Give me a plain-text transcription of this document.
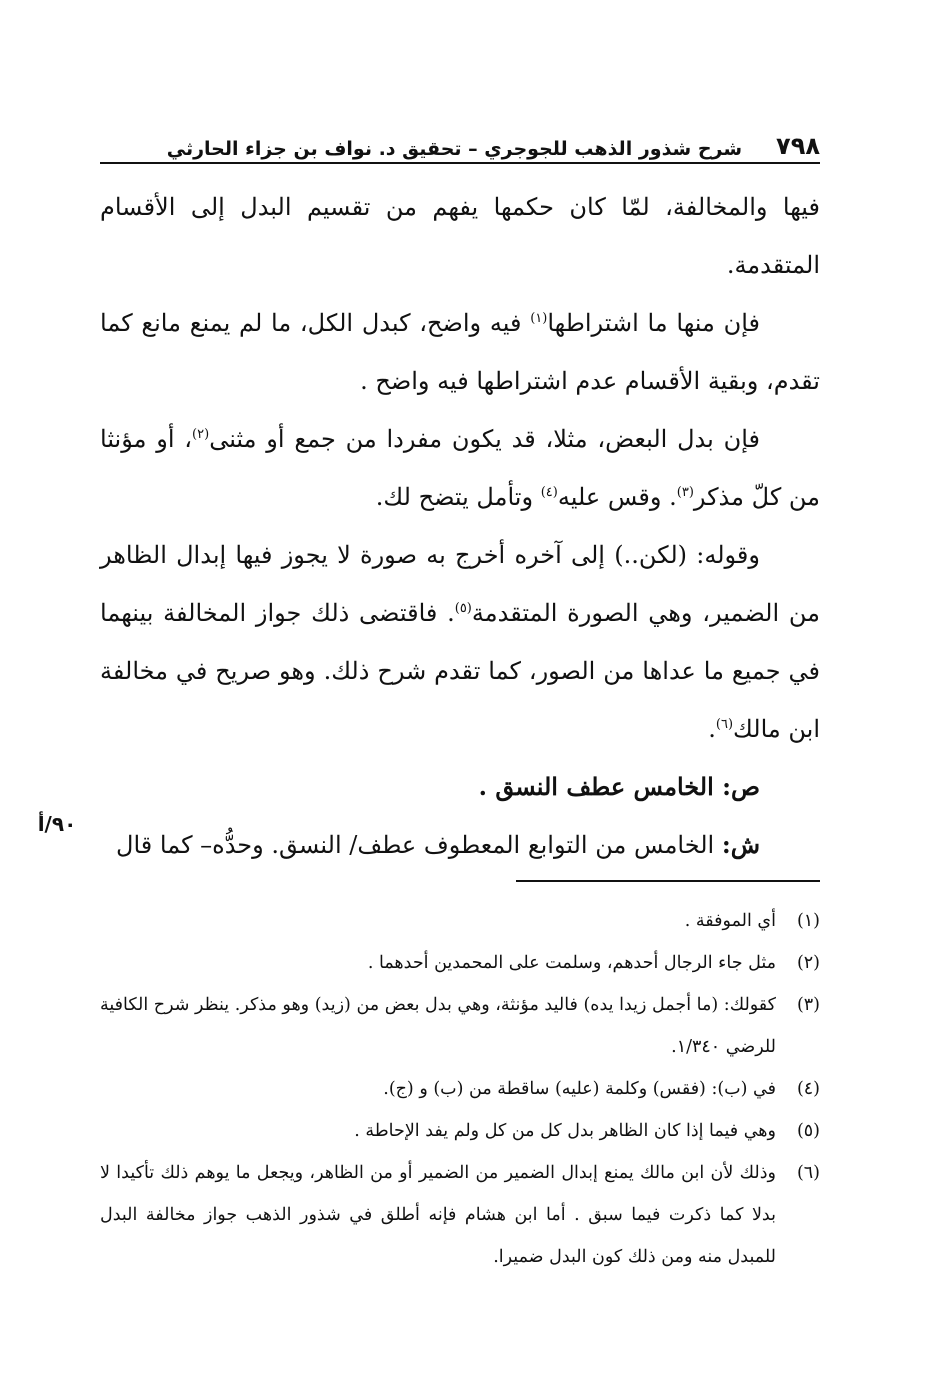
٧٩٨
شرح شذور الذهب للجوجري – تحقيق د. نواف بن جزاء الحارثي
٩٠/أ

فيها والمخالفة، لمّا كان حكمها يفهم من تقسيم البدل إلى الأقسام المتقدمة.

فإن منها ما اشتراطها$^{(١)}$ فيه واضح، كبدل الكل، ما لم يمنع مانع كما تقدم، وبقية الأقسام عدم اشتراطها فيه واضح .

فإن بدل البعض، مثلا، قد يكون مفردا من جمع أو مثنى$^{(٢)}$، أو مؤنثا من كلّ مذكر$^{(٣)}$. وقس عليه$^{(٤)}$ وتأمل يتضح لك.

وقوله: (لكن..) إلى آخره أخرج به صورة لا يجوز فيها إبدال الظاهر من الضمير، وهي الصورة المتقدمة$^{(٥)}$. فاقتضى ذلك جواز المخالفة بينهما في جميع ما عداها من الصور، كما تقدم شرح ذلك. وهو صريح في مخالفة ابن مالك$^{(٦)}$.

ص: الخامس عطف النسق .

ش: الخامس من التوابع المعطوف عطف/ النسق. وحدُّه– كما قال

(١)
أي الموفقة .
(٢)
مثل جاء الرجال أحدهم، وسلمت على المحمدين أحدهما .
(٣)
كقولك: (ما أجمل زيدا يده) فاليد مؤنثة، وهي بدل بعض من (زيد) وهو مذكر. ينظر شرح الكافية للرضي ١/٣٤٠.
(٤)
في (ب): (فقس) وكلمة (عليه) ساقطة من (ب) و (ج).
(٥)
وهي فيما إذا كان الظاهر بدل كل من كل ولم يفد الإحاطة .
(٦)
وذلك لأن ابن مالك يمنع إبدال الضمير من الضمير أو من الظاهر، ويجعل ما يوهم ذلك تأكيدا لا بدلا كما ذكرت فيما سبق . أما ابن هشام فإنه أطلق في شذور الذهب جواز مخالفة البدل للمبدل منه ومن ذلك كون البدل ضميرا.
